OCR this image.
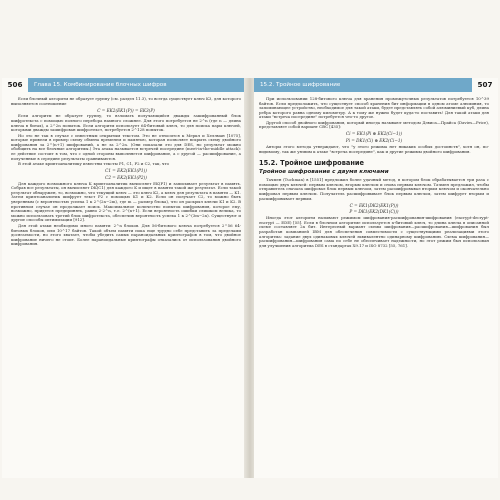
506	Глава 15. Комбинирование блочных шифров

Если блочный алгоритм не образует группу (см. раздел 11.3), то всегда существует ключ K3, для которого выполняется соотношение

C = EK2(EK1(P)) = EK3(P)

Если алгоритм не образует группу, то взломать получающийся дважды зашифрованный блок шифротекста с помощью полного перебора намного сложнее. Для этого потребуется не 2^n (где n — длина ключа в битах), а 2^2n попыток. Если алгоритм использует 64-битовый ключ, то для поиска пары ключей, которыми дважды зашифрован шифротекст, потребуется 2^128 попыток.

Но это не так в случае с известным открытым текстом. Это не относится к Меркл и Хеллман [1075], которые привели в пример схему обмена временем и памятью, которая позволяет вскрыть схему двойного шифрования за 2^(n+1) шифрований, а не за 2^2n. (Они показали это для DES, но результат можно обобщить на все блочные алгоритмы.) Эта атака называется встречей посередине (meet-in-the-middle attack): ее действие состоит в том, что с одной стороны выполняется шифрование, а с другой — расшифрование, а полученные в середине результаты сравниваются.

В этой атаке криптоаналитику известны тексты P1, C1, P2 и C2, так, что

C1 = EK2(EK1(P1))

C2 = EK2(EK1(P2))

Для каждого возможного ключа K криптоаналитик вычисляет EK(P1) и записывает результат в память. Собрав все результаты, он вычисляет DK(C1) для каждого K и ищет в памяти такой же результат. Если такой результат обнаружен, то, возможно, что текущий ключ — это ключ K2, а ключ для результата в памяти — K1. Затем криптоаналитик шифрует текст P2 с помощью K1 и K2. Если он получает C2, то можно быть уверенным (с вероятностью успеха 1 к 2^(2n−2m), где m — размер блока), что он раскрыл ключи K1 и K2. В противном случае он продолжает поиск. Максимальное количество попыток шифрования, которое ему, возможно, придется предпринять, равно 2·2^n, т.е. 2^(n+1). Если вероятность ошибки слишком велика, то можно использовать третий блок шифротекста, обеспечив вероятность успеха 1 к 2^(3m−2n). Существуют и другие способы оптимизации [912].

Для этой атаки необходимо много памяти: 2^n блоков. Для 56-битового ключа потребуется 2^56 64-битовых блоков, или 10^17 байтов. Такой объем памяти пока еще трудно себе представить за пределами досягаемости, но этого хватает, чтобы убедить самых параноидальных криптографов в том, что двойное шифрование ничего не стоит. Более параноидальные криптографы отказались от использования двойного шифрования.

15.2. Тройное шифрование	507

При использовании 128-битового ключа для хранения промежуточных результатов потребуется 10^39 байтов. Если предположить, что существует способ хранения бит информации в одном атоме алюминия, то запоминающее устройство, необходимое для такой атаки, будет представлять собой алюминиевый куб, длина ребра которого равна одному километру. А к тому же нужно будет куда-то поставить! Для такой атаки для атаки "встреча посередине" потребуется что-то другое.

Другой способ двойного шифрования, который иногда называют методом Дэвиса—Прайса (Davies—Price), представляет собой вариант CBC [435]:

Ci = EK1(Pi ⊕ EK2(Ci−1))

Pi = DK1(Ci) ⊕ EK2(Ci−1)

Авторы этого метода утверждают, что "у этого режима нет никаких особых достоинств", хотя он, по-видимому, так же уязвим к атаке "встреча посередине", как и другие режимы двойного шифрования.

15.2. Тройное шифрование
Тройное шифрование с двумя ключами

Тачмен (Tuchman) в [1551] предложил более удачный метод, в котором блок обрабатывается три раза с помощью двух ключей: первым ключом, вторым ключом и снова первым ключом. Тачмен предложил, чтобы отправитель сначала шифровал блок первым ключом, затем расшифровывал вторым ключом и окончательно шифровал первым ключом. Получатель расшифровывает блок первым ключом, затем шифрует вторым и расшифровывает первым.

C = EK1(DK2(EK1(P)))

P = DK1(EK2(DK1(C)))

Иногда этот алгоритм называют режимом шифрования-расшифрования-шифрования (encrypt-decrypt-encrypt — EDE) [55]. Если в блочном алгоритме используется n-битовый ключ, то длина ключа в описанной схеме составляет 2n бит. Интересный вариант схемы шифрования—расшифрования—шифрования был разработан компанией IBM для обеспечения совместимости с существующими реализациями этого алгоритма: задание двух одинаковых ключей эквивалентно одинарному шифрованию. Схема шифрования—расшифрования—шифрования сама по себе не обеспечивает надежности, но этот режим был использован для улучшения алгоритма DES в стандартах X9.17 и ISO 8732 [55, 761].
